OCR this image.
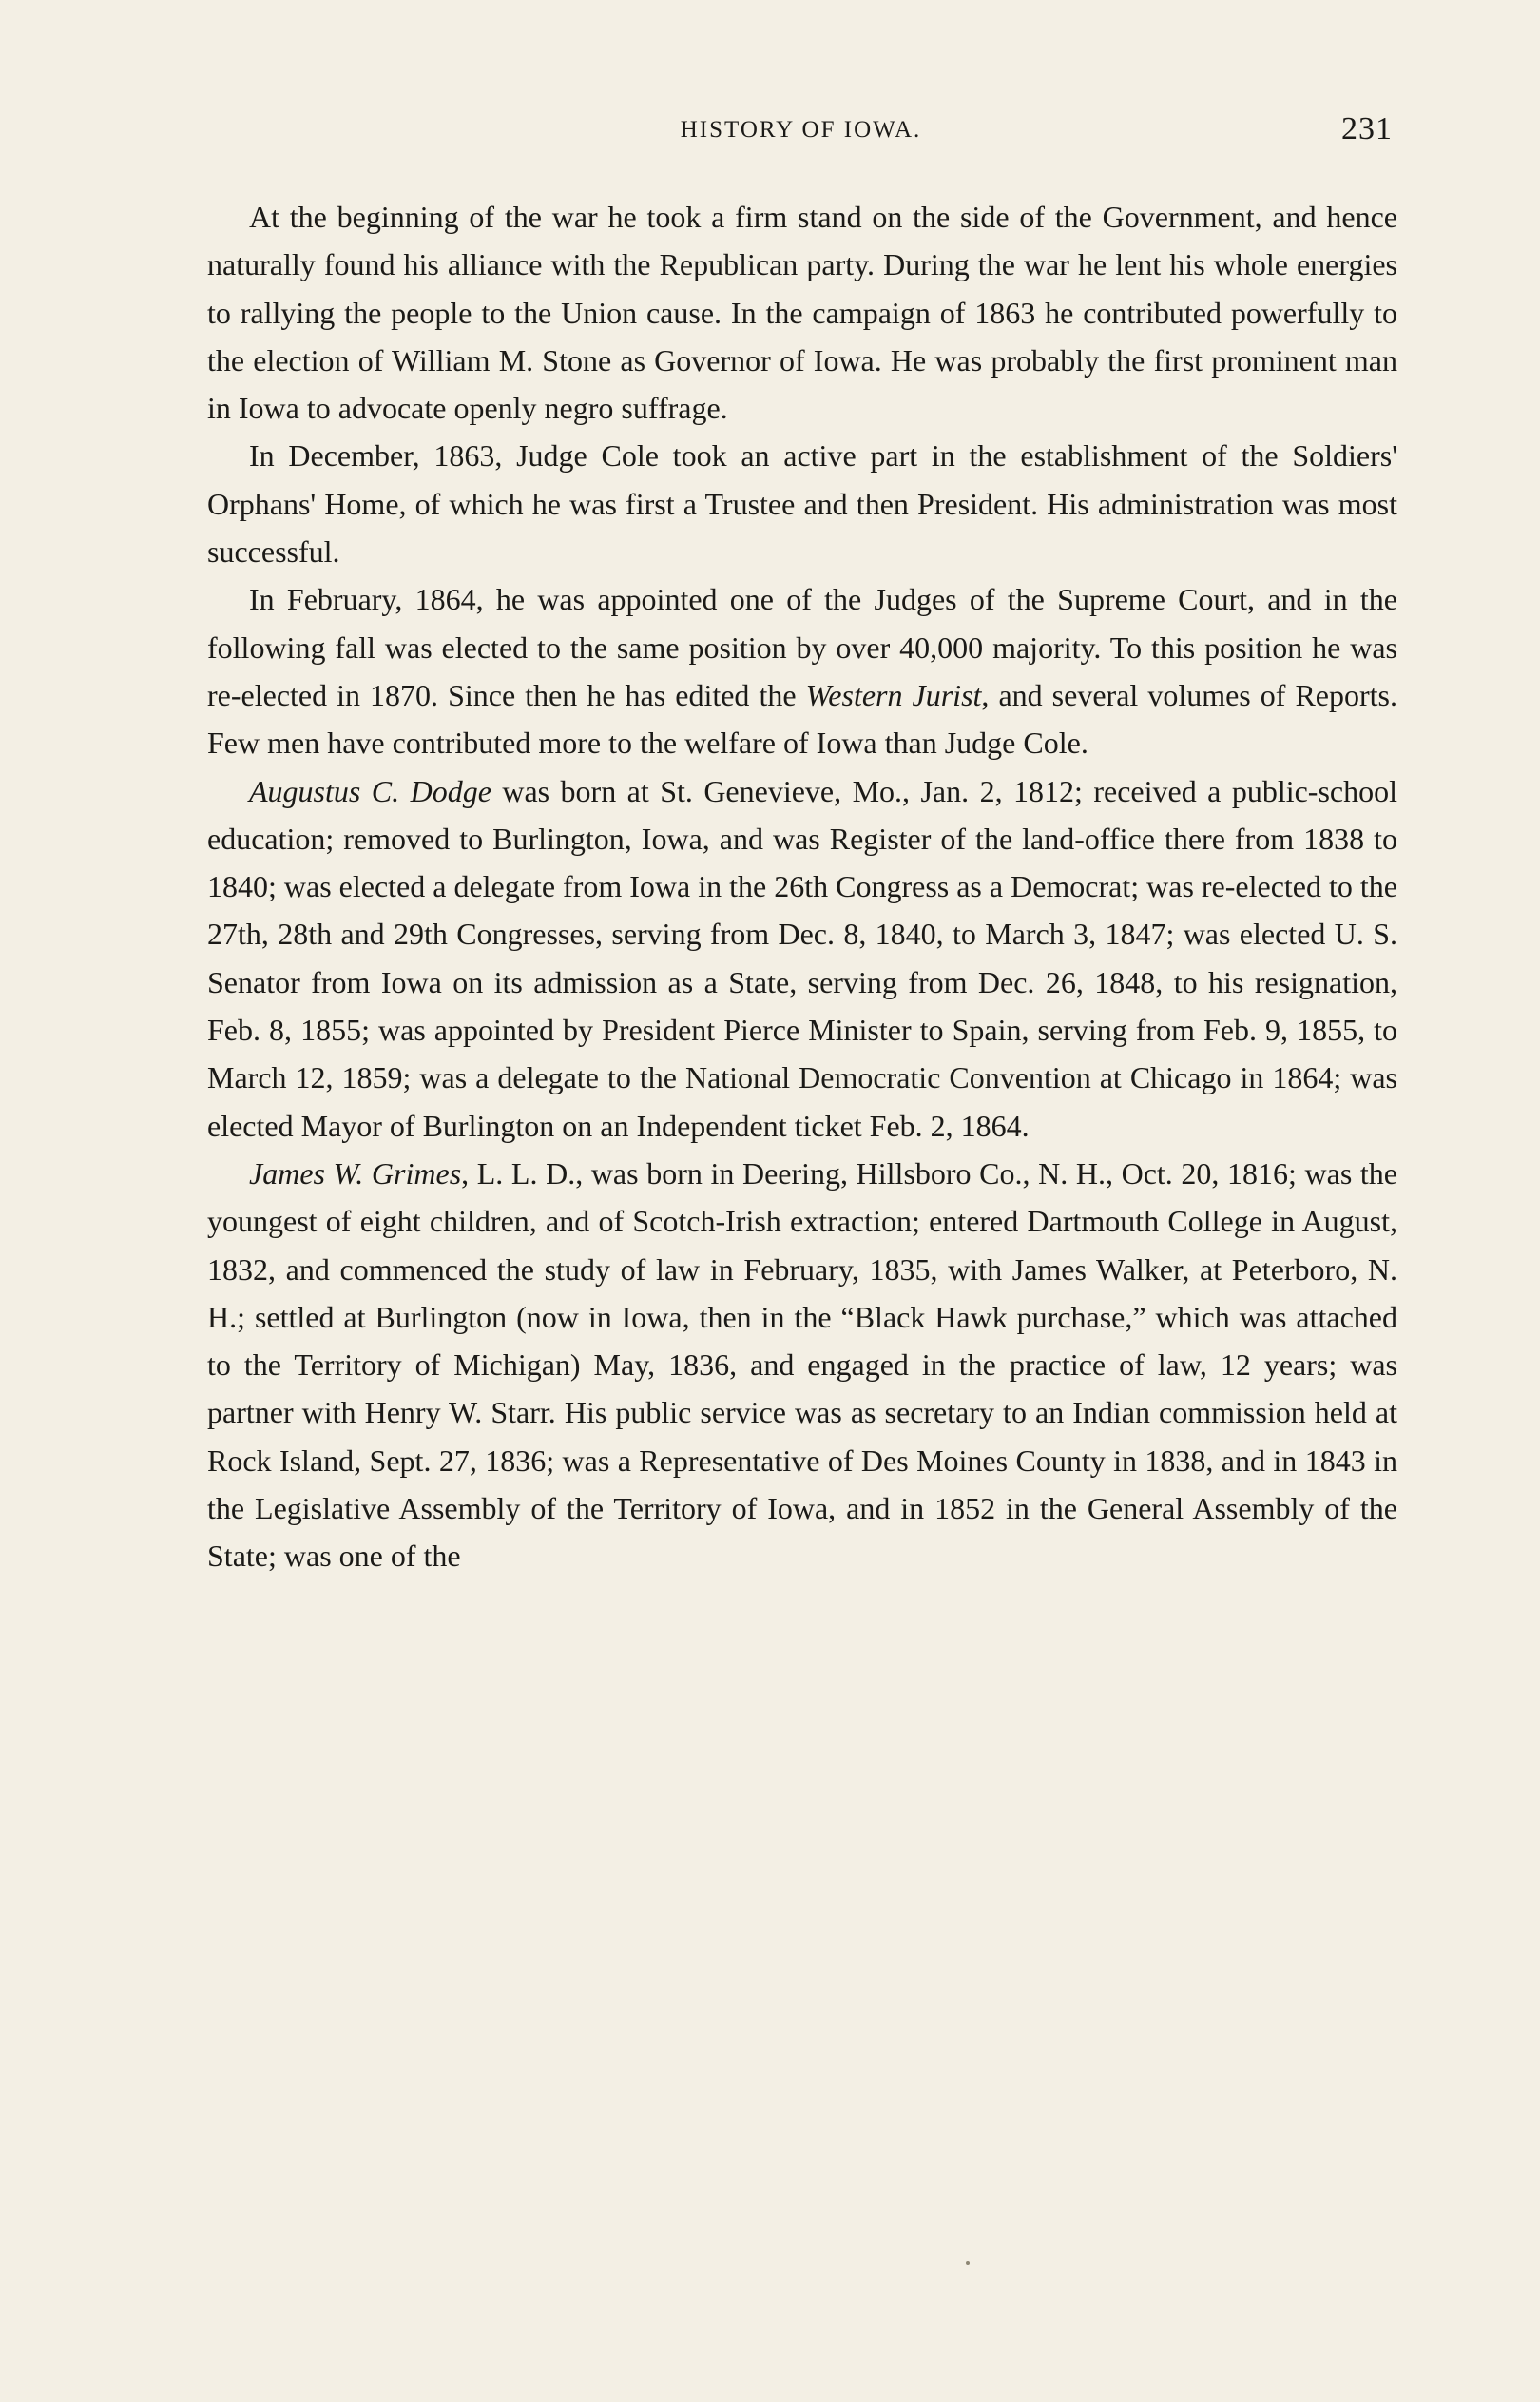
HISTORY OF IOWA.	231

At the beginning of the war he took a firm stand on the side of the Government, and hence naturally found his alliance with the Republican party. During the war he lent his whole energies to rallying the people to the Union cause. In the campaign of 1863 he contributed powerfully to the election of William M. Stone as Governor of Iowa. He was probably the first prominent man in Iowa to advocate openly negro suffrage.

In December, 1863, Judge Cole took an active part in the establishment of the Soldiers' Orphans' Home, of which he was first a Trustee and then President. His administration was most successful.

In February, 1864, he was appointed one of the Judges of the Supreme Court, and in the following fall was elected to the same position by over 40,000 majority. To this position he was re-elected in 1870. Since then he has edited the Western Jurist, and several volumes of Reports. Few men have contributed more to the welfare of Iowa than Judge Cole.

Augustus C. Dodge was born at St. Genevieve, Mo., Jan. 2, 1812; received a public-school education; removed to Burlington, Iowa, and was Register of the land-office there from 1838 to 1840; was elected a delegate from Iowa in the 26th Congress as a Democrat; was re-elected to the 27th, 28th and 29th Congresses, serving from Dec. 8, 1840, to March 3, 1847; was elected U. S. Senator from Iowa on its admission as a State, serving from Dec. 26, 1848, to his resignation, Feb. 8, 1855; was appointed by President Pierce Minister to Spain, serving from Feb. 9, 1855, to March 12, 1859; was a delegate to the National Democratic Convention at Chicago in 1864; was elected Mayor of Burlington on an Independent ticket Feb. 2, 1864.

James W. Grimes, L. L. D., was born in Deering, Hillsboro Co., N. H., Oct. 20, 1816; was the youngest of eight children, and of Scotch-Irish extraction; entered Dartmouth College in August, 1832, and commenced the study of law in February, 1835, with James Walker, at Peterboro, N. H.; settled at Burlington (now in Iowa, then in the “Black Hawk purchase,” which was attached to the Territory of Michigan) May, 1836, and engaged in the practice of law, 12 years; was partner with Henry W. Starr. His public service was as secretary to an Indian commission held at Rock Island, Sept. 27, 1836; was a Representative of Des Moines County in 1838, and in 1843 in the Legislative Assembly of the Territory of Iowa, and in 1852 in the General Assembly of the State; was one of the
